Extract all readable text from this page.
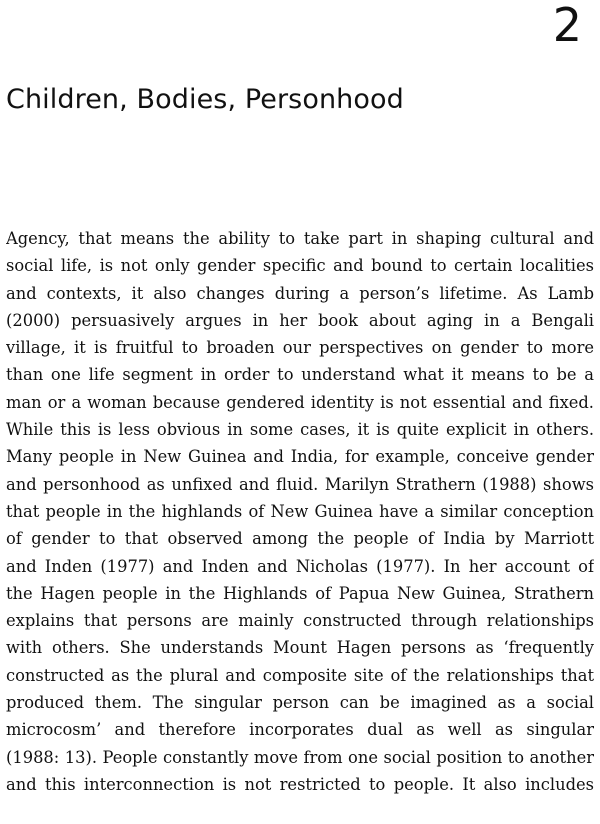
2
Children, Bodies, Personhood
Agency, that means the ability to take part in shaping cultural and
social life, is not only gender specific and bound to certain localities
and contexts, it also changes during a person’s lifetime. As Lamb
(2000) persuasively argues in her book about aging in a Bengali
village, it is fruitful to broaden our perspectives on gender to more
than one life segment in order to understand what it means to be a
man or a woman because gendered identity is not essential and fixed.
While this is less obvious in some cases, it is quite explicit in others.
Many people in New Guinea and India, for example, conceive gender
and personhood as unfixed and fluid. Marilyn Strathern (1988) shows
that people in the highlands of New Guinea have a similar conception
of gender to that observed among the people of India by Marriott
and Inden (1977) and Inden and Nicholas (1977). In her account of
the Hagen people in the Highlands of Papua New Guinea, Strathern
explains that persons are mainly constructed through relationships
with others. She understands Mount Hagen persons as ‘frequently
constructed as the plural and composite site of the relationships that
produced them. The singular person can be imagined as a social
microcosm’ and therefore incorporates dual as well as singular
(1988: 13). People constantly move from one social position to another
and this interconnection is not restricted to people. It also includes
